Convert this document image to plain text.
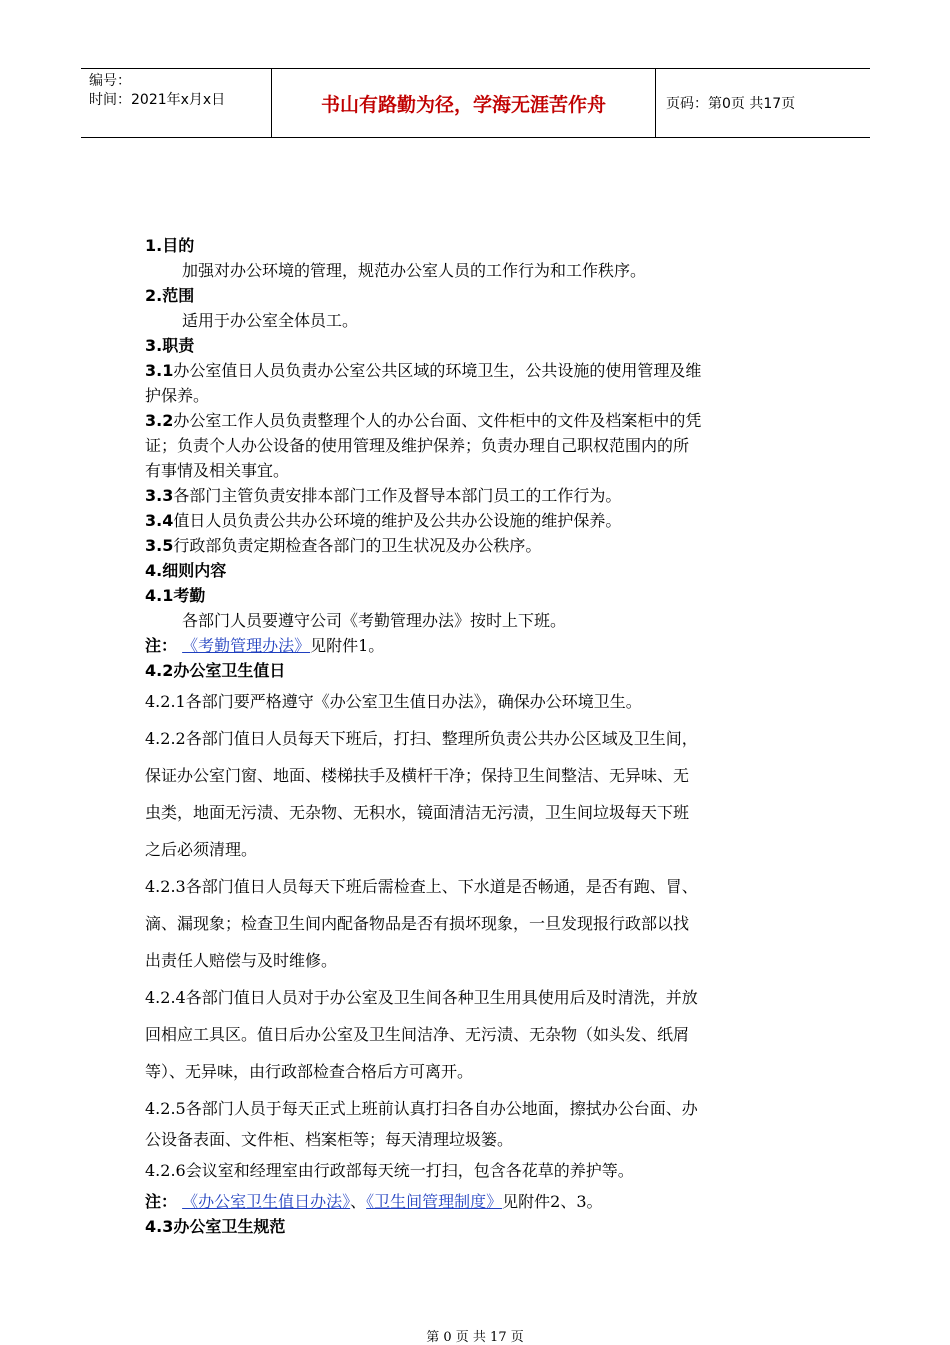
编号：
时间：2021年x月x日	书山有路勤为径，学海无涯苦作舟	页码：第0页 共17页
1.目的
加强对办公环境的管理，规范办公室人员的工作行为和工作秩序。
2.范围
适用于办公室全体员工。
3.职责
3.1办公室值日人员负责办公室公共区域的环境卫生，公共设施的使用管理及维
护保养。
3.2办公室工作人员负责整理个人的办公台面、文件柜中的文件及档案柜中的凭
证；负责个人办公设备的使用管理及维护保养；负责办理自己职权范围内的所
有事情及相关事宜。
3.3各部门主管负责安排本部门工作及督导本部门员工的工作行为。
3.4值日人员负责公共办公环境的维护及公共办公设施的维护保养。
3.5行政部负责定期检查各部门的卫生状况及办公秩序。
4.细则内容
4.1考勤
各部门人员要遵守公司《考勤管理办法》按时上下班。
注： 《考勤管理办法》见附件1。
4.2办公室卫生值日
4.2.1各部门要严格遵守《办公室卫生值日办法》，确保办公环境卫生。
4.2.2各部门值日人员每天下班后，打扫、整理所负责公共办公区域及卫生间，
保证办公室门窗、地面、楼梯扶手及横杆干净；保持卫生间整洁、无异味、无
虫类，地面无污渍、无杂物、无积水，镜面清洁无污渍，卫生间垃圾每天下班
之后必须清理。
4.2.3各部门值日人员每天下班后需检查上、下水道是否畅通，是否有跑、冒、
滴、漏现象；检查卫生间内配备物品是否有损坏现象，一旦发现报行政部以找
出责任人赔偿与及时维修。
4.2.4各部门值日人员对于办公室及卫生间各种卫生用具使用后及时清洗，并放
回相应工具区。值日后办公室及卫生间洁净、无污渍、无杂物（如头发、纸屑
等）、无异味，由行政部检查合格后方可离开。
4.2.5各部门人员于每天正式上班前认真打扫各自办公地面，擦拭办公台面、办
公设备表面、文件柜、档案柜等；每天清理垃圾篓。
4.2.6会议室和经理室由行政部每天统一打扫，包含各花草的养护等。
注： 《办公室卫生值日办法》、《卫生间管理制度》见附件2、3。
4.3办公室卫生规范
第 0 页 共 17 页
